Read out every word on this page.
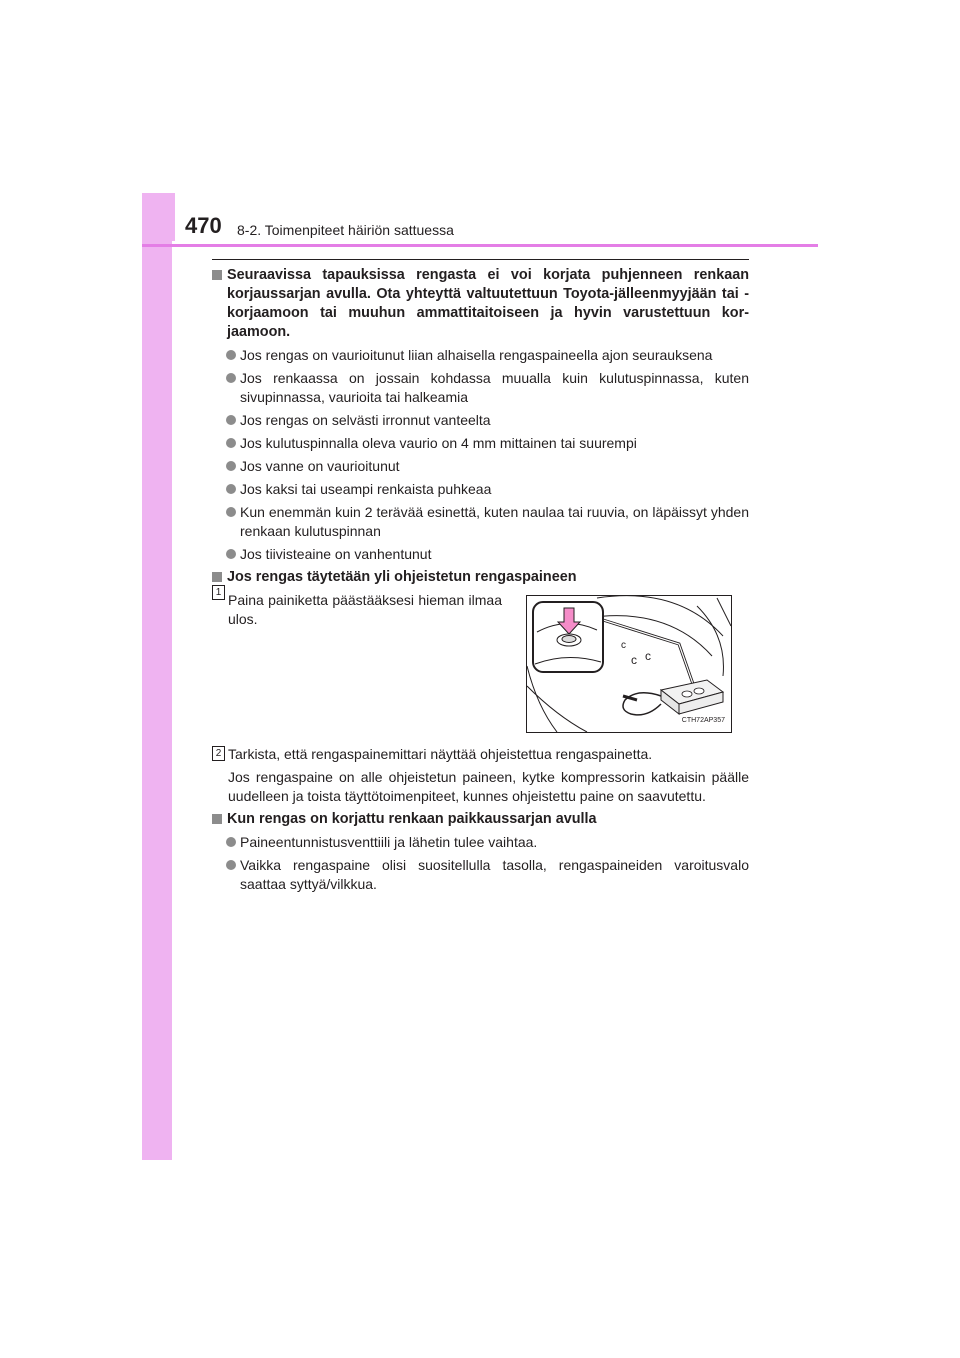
470 8-2. Toimenpiteet häiriön sattuessa
Seuraavissa tapauksissa rengasta ei voi korjata puhjenneen renkaan korjaussarjan avulla. Ota yhteyttä valtuutettuun Toyota-jälleenmyyjään tai -korjaamoon tai muuhun ammattitaitoiseen ja hyvin varustettuun kor-jaamoon.
Jos rengas on vaurioitunut liian alhaisella rengaspaineella ajon seurauksena
Jos renkaassa on jossain kohdassa muualla kuin kulutuspinnassa, kuten sivupinnassa, vaurioita tai halkeamia
Jos rengas on selvästi irronnut vanteelta
Jos kulutuspinnalla oleva vaurio on 4 mm mittainen tai suurempi
Jos vanne on vaurioitunut
Jos kaksi tai useampi renkaista puhkeaa
Kun enemmän kuin 2 terävää esinettä, kuten naulaa tai ruuvia, on läpäissyt yhden renkaan kulutuspinnan
Jos tiivisteaine on vanhentunut
Jos rengas täytetään yli ohjeistetun rengaspaineen
1 Paina painiketta päästääksesi hieman ilmaa ulos.
c
c c
CTH72AP357
2 Tarkista, että rengaspainemittari näyttää ohjeistettua rengaspainetta.
Jos rengaspaine on alle ohjeistetun paineen, kytke kompressorin katkaisin päälle uudelleen ja toista täyttötoimenpiteet, kunnes ohjeistettu paine on saavutettu.
Kun rengas on korjattu renkaan paikkaussarjan avulla
Paineentunnistusventtiili ja lähetin tulee vaihtaa.
Vaikka rengaspaine olisi suositellulla tasolla, rengaspaineiden varoitusvalo saattaa syttyä/vilkkua.
